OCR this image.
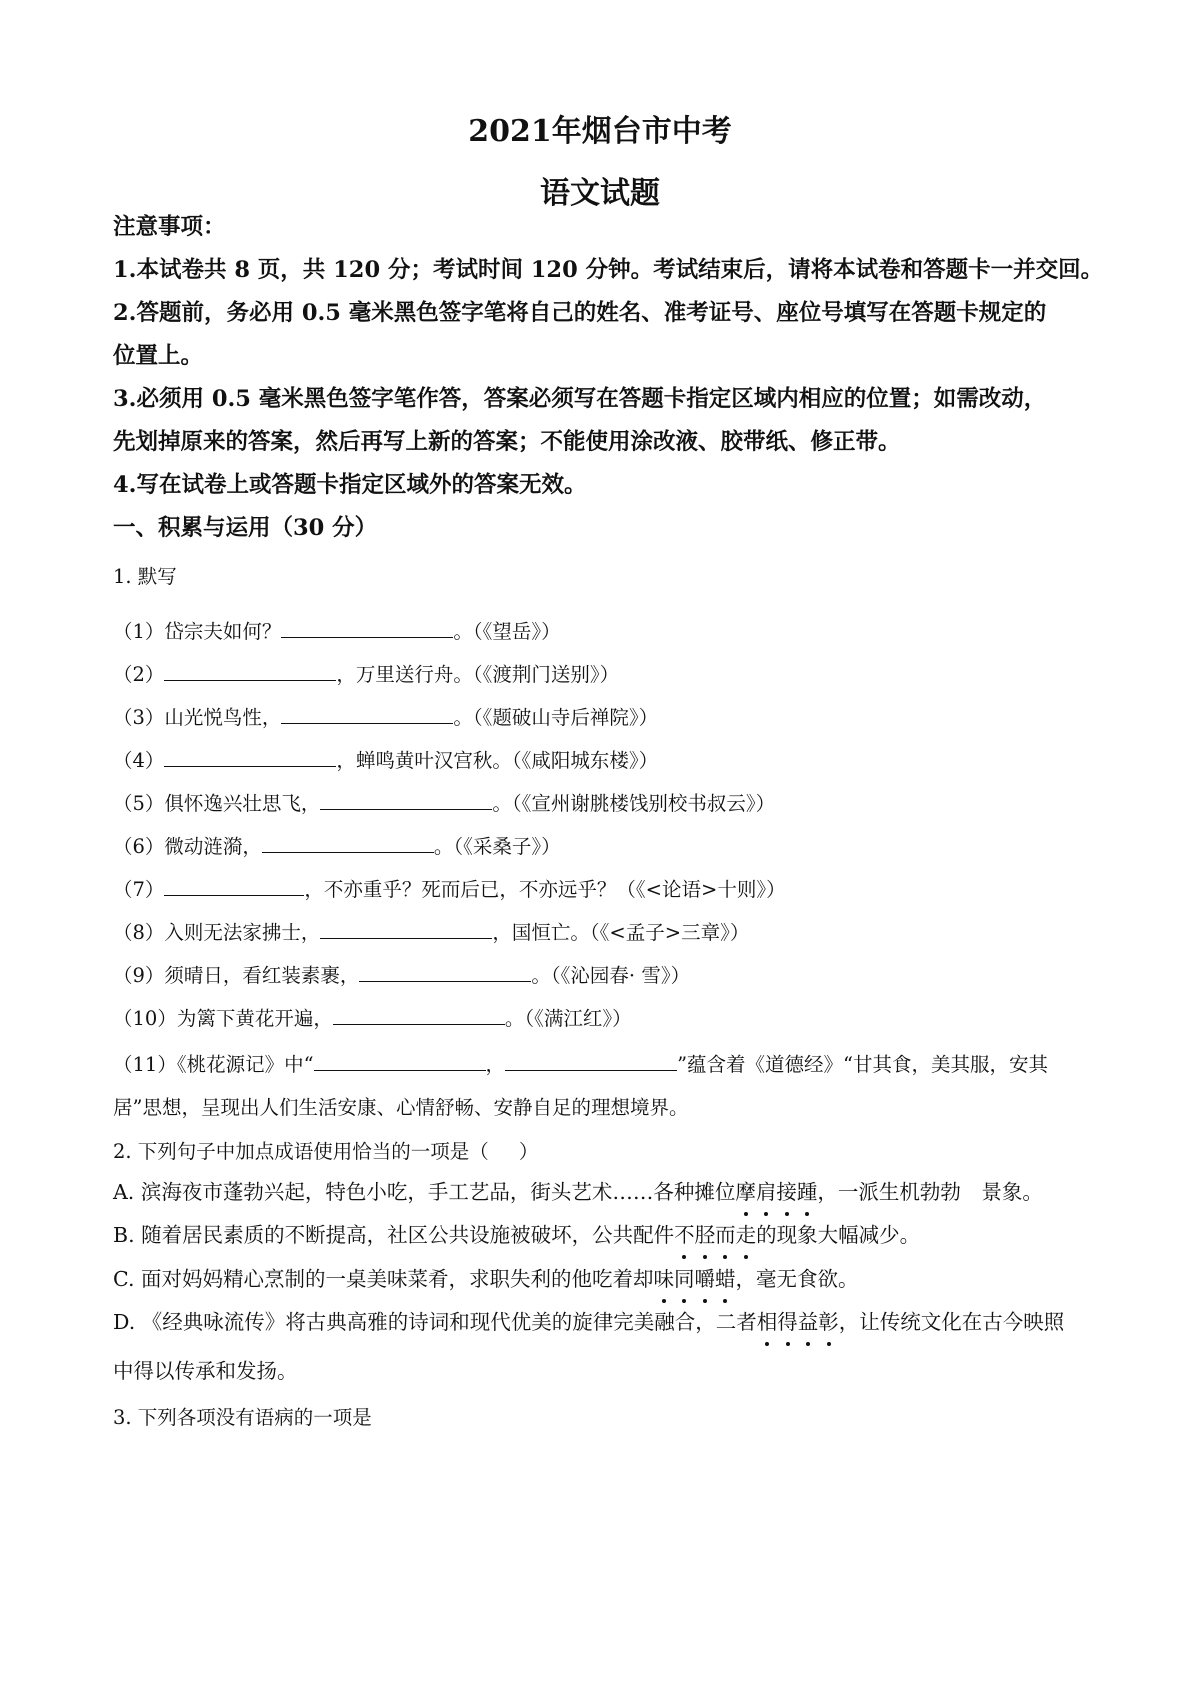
2021年烟台市中考
语文试题
注意事项：
1.本试卷共 8 页，共 120 分；考试时间 120 分钟。考试结束后，请将本试卷和答题卡一并交回。
2.答题前，务必用 0.5 毫米黑色签字笔将自己的姓名、准考证号、座位号填写在答题卡规定的
位置上。
3.必须用 0.5 毫米黑色签字笔作答，答案必须写在答题卡指定区域内相应的位置；如需改动，
先划掉原来的答案，然后再写上新的答案；不能使用涂改液、胶带纸、修正带。
4.写在试卷上或答题卡指定区域外的答案无效。
一、积累与运用（30 分）
1. 默写
（1）岱宗夫如何？	。（《望岳》）
（2）	，万里送行舟。（《渡荆门送别》）
（3）山光悦鸟性，	。（《题破山寺后禅院》）
（4）	，蝉鸣黄叶汉宫秋。（《咸阳城东楼》）
（5）俱怀逸兴壮思飞，	。（《宣州谢朓楼饯别校书叔云》）
（6）微动涟漪，	。（《采桑子》）
（7）	，不亦重乎？死而后已，不亦远乎？（《<论语>十则》）
（8）入则无法家拂士，	，国恒亡。（《<孟子>三章》）
（9）须晴日，看红装素裹，	。（《沁园春· 雪》）
（10）为篱下黄花开遍，	。（《满江红》）
（11）《桃花源记》中“	，	”蕴含着《道德经》“甘其食，美其服，安其
居”思想，呈现出人们生活安康、心情舒畅、安静自足的理想境界。
2. 下列句子中加点成语使用恰当的一项是（ ）
A. 滨海夜市蓬勃兴起，特色小吃，手工艺品，街头艺术……各种摊位摩肩接踵，一派生机勃勃　景象。
B. 随着居民素质的不断提高，社区公共设施被破坏，公共配件不胫而走的现象大幅减少。
C. 面对妈妈精心烹制的一桌美味菜肴，求职失利的他吃着却味同嚼蜡，毫无食欲。
D. 《经典咏流传》将古典高雅的诗词和现代优美的旋律完美融合，二者相得益彰，让传统文化在古今映照
中得以传承和发扬。
3. 下列各项没有语病的一项是
